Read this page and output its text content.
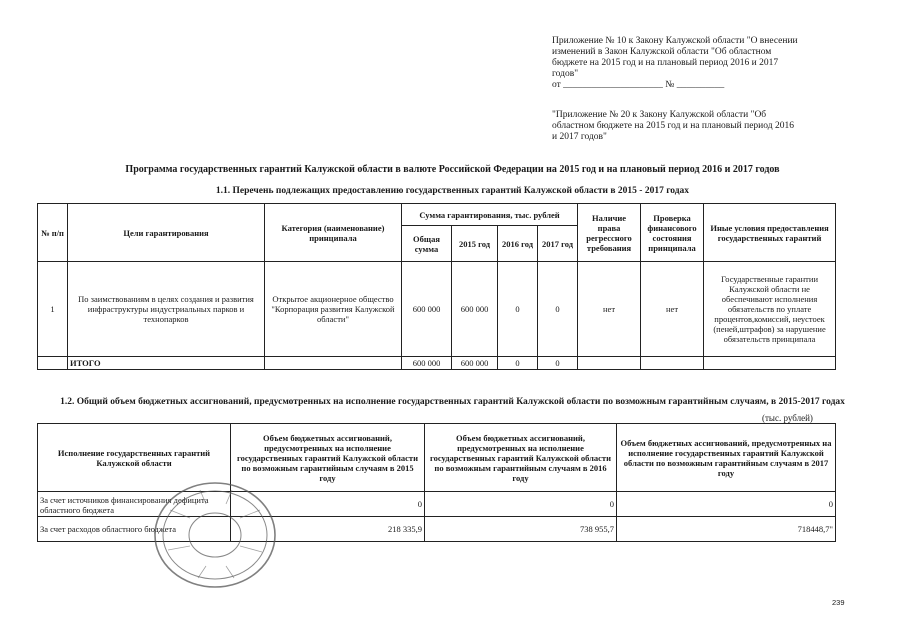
Приложение № 10 к Закону Калужской области "О внесении
изменений в Закон Калужской области "Об областном
бюджете на 2015 год и на плановый период 2016 и 2017
годов"
от _____________________ № __________
"Приложение № 20 к Закону Калужской области "Об
областном бюджете на 2015 год и на плановый период 2016
и 2017 годов"
Программа государственных гарантий Калужской области в валюте Российской Федерации на 2015 год и на плановый период 2016 и 2017 годов
1.1. Перечень подлежащих предоставлению государственных гарантий Калужской области в 2015 - 2017 годах
№ п/п	Цели гарантирования	Категория (наименование) принципала	Сумма гарантирования, тыс. рублей				Наличие права регрессного требования	Проверка финансового состояния принципала	Иные условия предоставления государственных гарантий
			Общая сумма	2015 год	2016 год	2017 год			
1	По заимствованиям в целях создания и развития инфраструктуры индустриальных парков и технопарков	Открытое акционерное общество "Корпорация развития Калужской области"	600 000	600 000	0	0	нет	нет	Государственные гарантии Калужской области не обеспечивают исполнения обязательств по уплате процентов,комиссий, неустоек (пеней,штрафов) за нарушение обязательств принципала
	ИТОГО		600 000	600 000	0	0			
1.2. Общий объем бюджетных ассигнований, предусмотренных на исполнение государственных гарантий Калужской области по возможным гарантийным случаям, в 2015-2017 годах
(тыс. рублей)
Исполнение государственных гарантий Калужской области	Объем бюджетных ассигнований, предусмотренных на исполнение государственных гарантий Калужской области по возможным гарантийным случаям в 2015 году	Объем бюджетных ассигнований, предусмотренных на исполнение государственных гарантий Калужской области по возможным гарантийным случаям в 2016 году	Объем бюджетных ассигнований, предусмотренных на исполнение государственных гарантий Калужской области по возможным гарантийным случаям в 2017 году
За счет источников финансирования дефицита областного бюджета	0	0	0
За счет расходов областного бюджета	218 335,9	738 955,7	718448,7"
239
